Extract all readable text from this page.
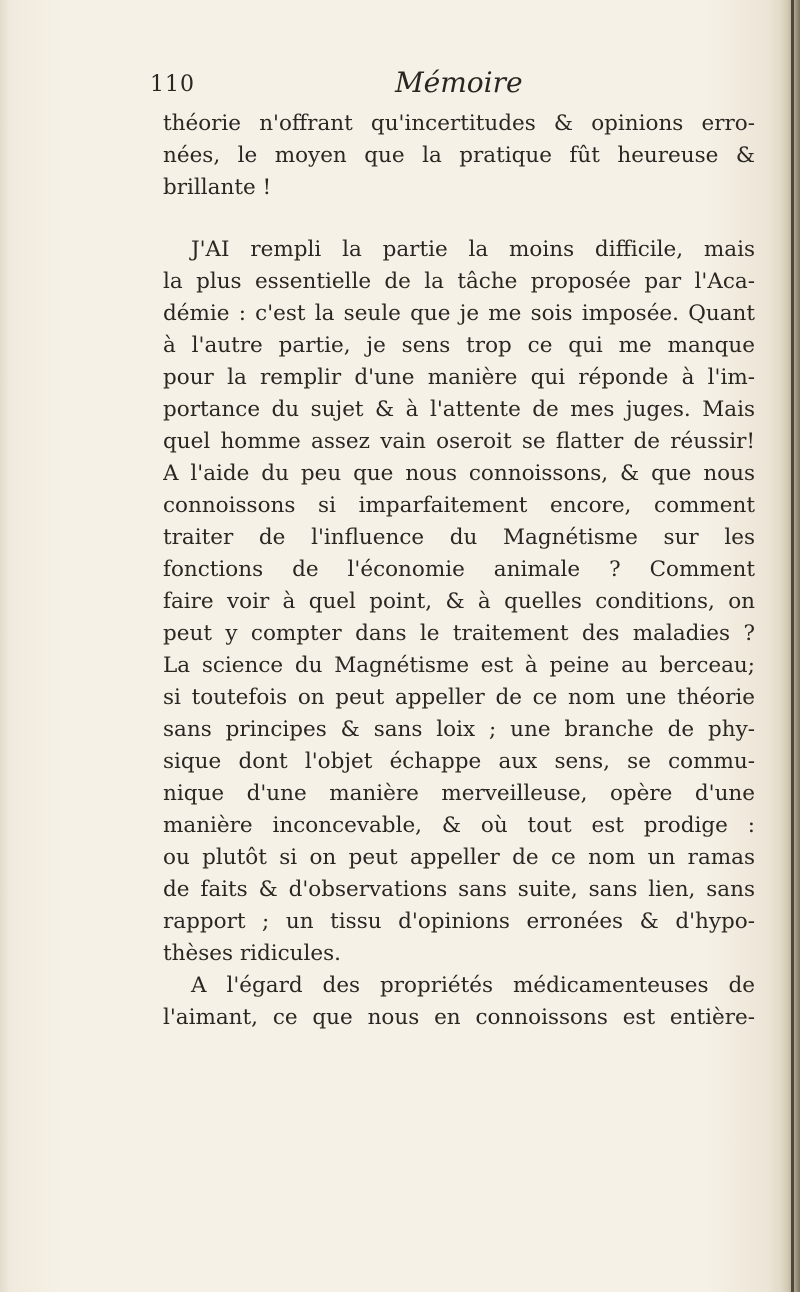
110	Mémoire
théorie n'offrant qu'incertitudes & opinions erro-
nées, le moyen que la pratique fût heureuse &
brillante !
J'AI rempli la partie la moins difficile, mais
la plus essentielle de la tâche proposée par l'Aca-
démie : c'est la seule que je me sois imposée. Quant
à l'autre partie, je sens trop ce qui me manque
pour la remplir d'une manière qui réponde à l'im-
portance du sujet & à l'attente de mes juges. Mais
quel homme assez vain oseroit se flatter de réussir!
A l'aide du peu que nous connoissons, & que nous
connoissons si imparfaitement encore, comment
traiter de l'influence du Magnétisme sur les
fonctions de l'économie animale ? Comment
faire voir à quel point, & à quelles conditions, on
peut y compter dans le traitement des maladies ?
La science du Magnétisme est à peine au berceau;
si toutefois on peut appeller de ce nom une théorie
sans principes & sans loix ; une branche de phy-
sique dont l'objet échappe aux sens, se commu-
nique d'une manière merveilleuse, opère d'une
manière inconcevable, & où tout est prodige :
ou plutôt si on peut appeller de ce nom un ramas
de faits & d'observations sans suite, sans lien, sans
rapport ; un tissu d'opinions erronées & d'hypo-
thèses ridicules.
A l'égard des propriétés médicamenteuses de
l'aimant, ce que nous en connoissons est entière-
